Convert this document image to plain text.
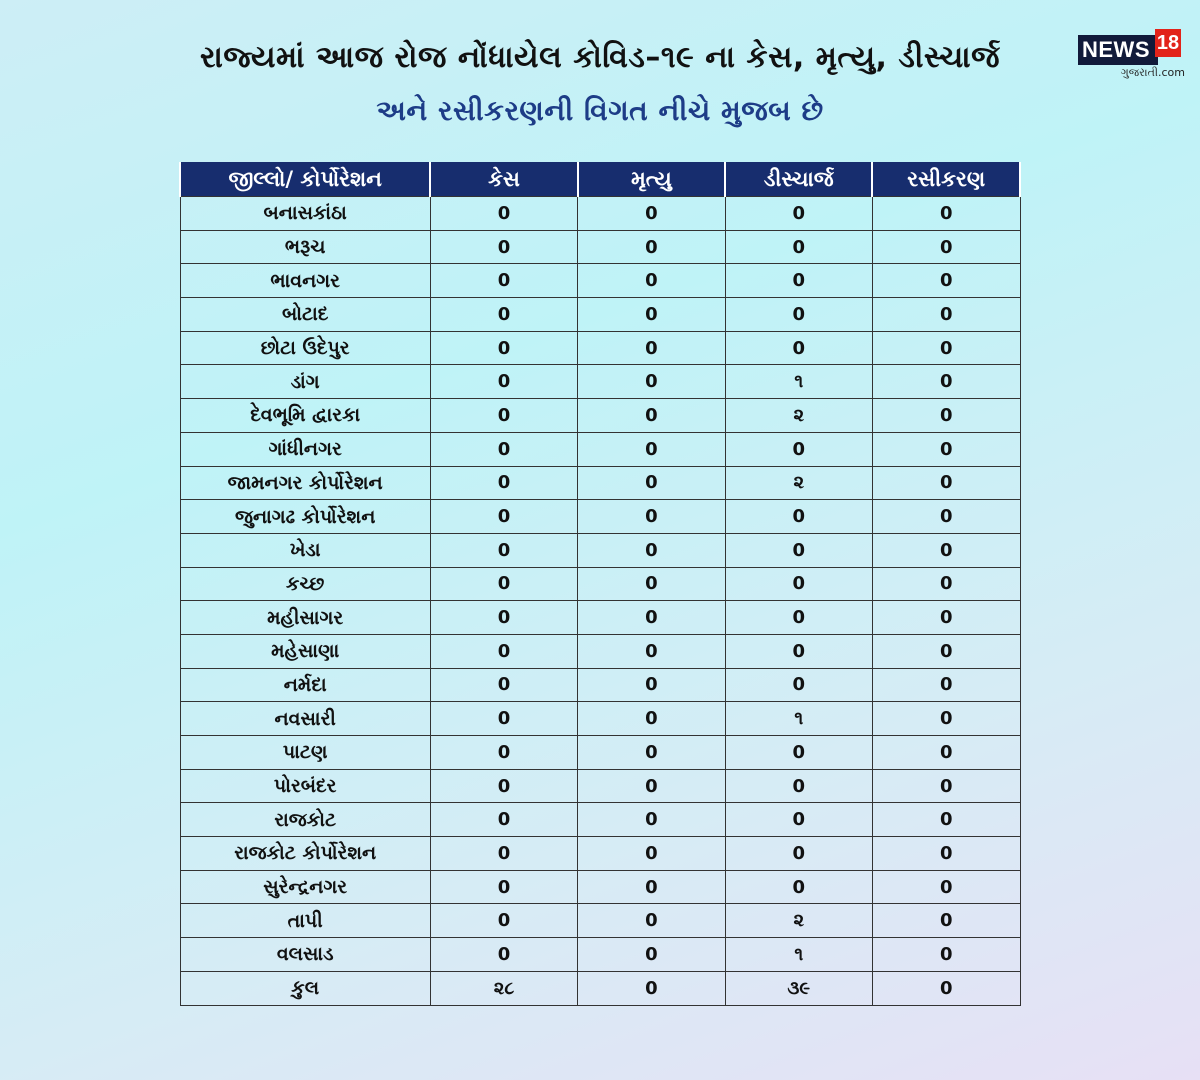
રાજ્યમાં આજ રોજ નોંધાયેલ કોવિડ–૧૯ ના કેસ, મૃત્યુ, ડીસ્ચાર્જ
અને રસીકરણની વિગત નીચે મુજબ છે
NEWS 18
ગુજરાતી.com
જીલ્લો/ કોર્પોરેશન	કેસ	મૃત્યુ	ડીસ્ચાર્જ	રસીકરણ
બનાસકાંઠા	0	0	0	0
ભરૂચ	0	0	0	0
ભાવનગર	0	0	0	0
બોટાદ	0	0	0	0
છોટા ઉદેપુર	0	0	0	0
ડાંગ	0	0	૧	0
દેવભૂમિ દ્વારકા	0	0	૨	0
ગાંધીનગર	0	0	0	0
જામનગર કોર્પોરેશન	0	0	૨	0
જુનાગઢ કોર્પોરેશન	0	0	0	0
ખેડા	0	0	0	0
કચ્છ	0	0	0	0
મહીસાગર	0	0	0	0
મહેસાણા	0	0	0	0
નર્મદા	0	0	0	0
નવસારી	0	0	૧	0
પાટણ	0	0	0	0
પોરબંદર	0	0	0	0
રાજકોટ	0	0	0	0
રાજકોટ કોર્પોરેશન	0	0	0	0
સુરેન્દ્રનગર	0	0	0	0
તાપી	0	0	૨	0
વલસાડ	0	0	૧	0
કુલ	૨૮	0	૩૯	0
